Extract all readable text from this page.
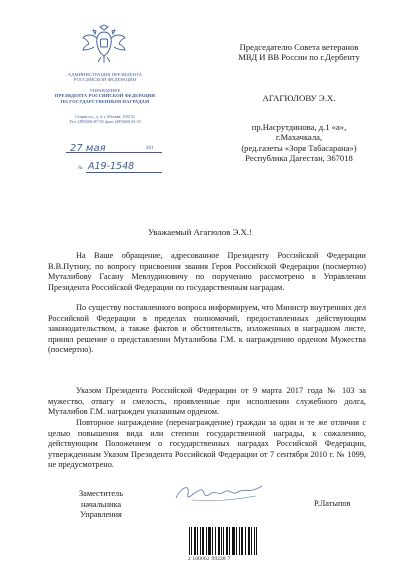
АДМИНИСТРАЦИЯ ПРЕЗИДЕНТА
РОССИЙСКОЙ ФЕДЕРАЦИИ
УПРАВЛЕНИЕ
ПРЕЗИДЕНТА РОССИЙСКОЙ ФЕДЕРАЦИИ
ПО ГОСУДАРСТВЕННЫМ НАГРАДАМ
Старая пл., д. 4, г. Москва, 103132
Тел. (495)606-87-59, факс (495)606-33-33
27 мая	201
№ А19-1548
Председателю Совета ветеранов
МВД И ВВ России по г.Дербенту
АГАГЮЛОВУ Э.Х.
пр.Насрутдинова, д.1 «а»,
г.Махачкала,
(ред.газеты «Зоря Табасарана»)
Республика Дагестан, 367018
Уважаемый Агагюлов Э.Х.!
На Ваше обращение, адресованное Президенту Российской Федерации В.В.Путину, по вопросу присвоения звания Героя Российской Федерации (посмертно) Муталибову Гасану Мевлудиновичу по поручению рассмотрено в Управлении Президента Российской Федерации по государственным наградам.
По существу поставленного вопроса информируем, что Министр внутренних дел Российской Федерации в пределах полномочий, предоставленных действующим законодательством, а также фактов и обстоятельств, изложенных в наградном листе, принял решение о представлении Муталибова Г.М. к награждению орденом Мужества (посмертно).
Указом Президента Российской Федерации от 9 марта 2017 года № 103 за мужество, отвагу и смелость, проявленные при исполнении служебного долга, Муталибов Г.М. награжден указанным орденом.
Повторное награждение (перенаграждение) граждан за одни и те же отличия с целью повышения вида или степени государственной награды, к сожалению, действующим Положением о государственных наградах Российской Федерации, утвержденным Указом Президента Российской Федерации от 7 сентября 2010 г. № 1099, не предусмотрено.
Заместитель начальника
Управления
Р.Латыпов
2 100062 99228 7
